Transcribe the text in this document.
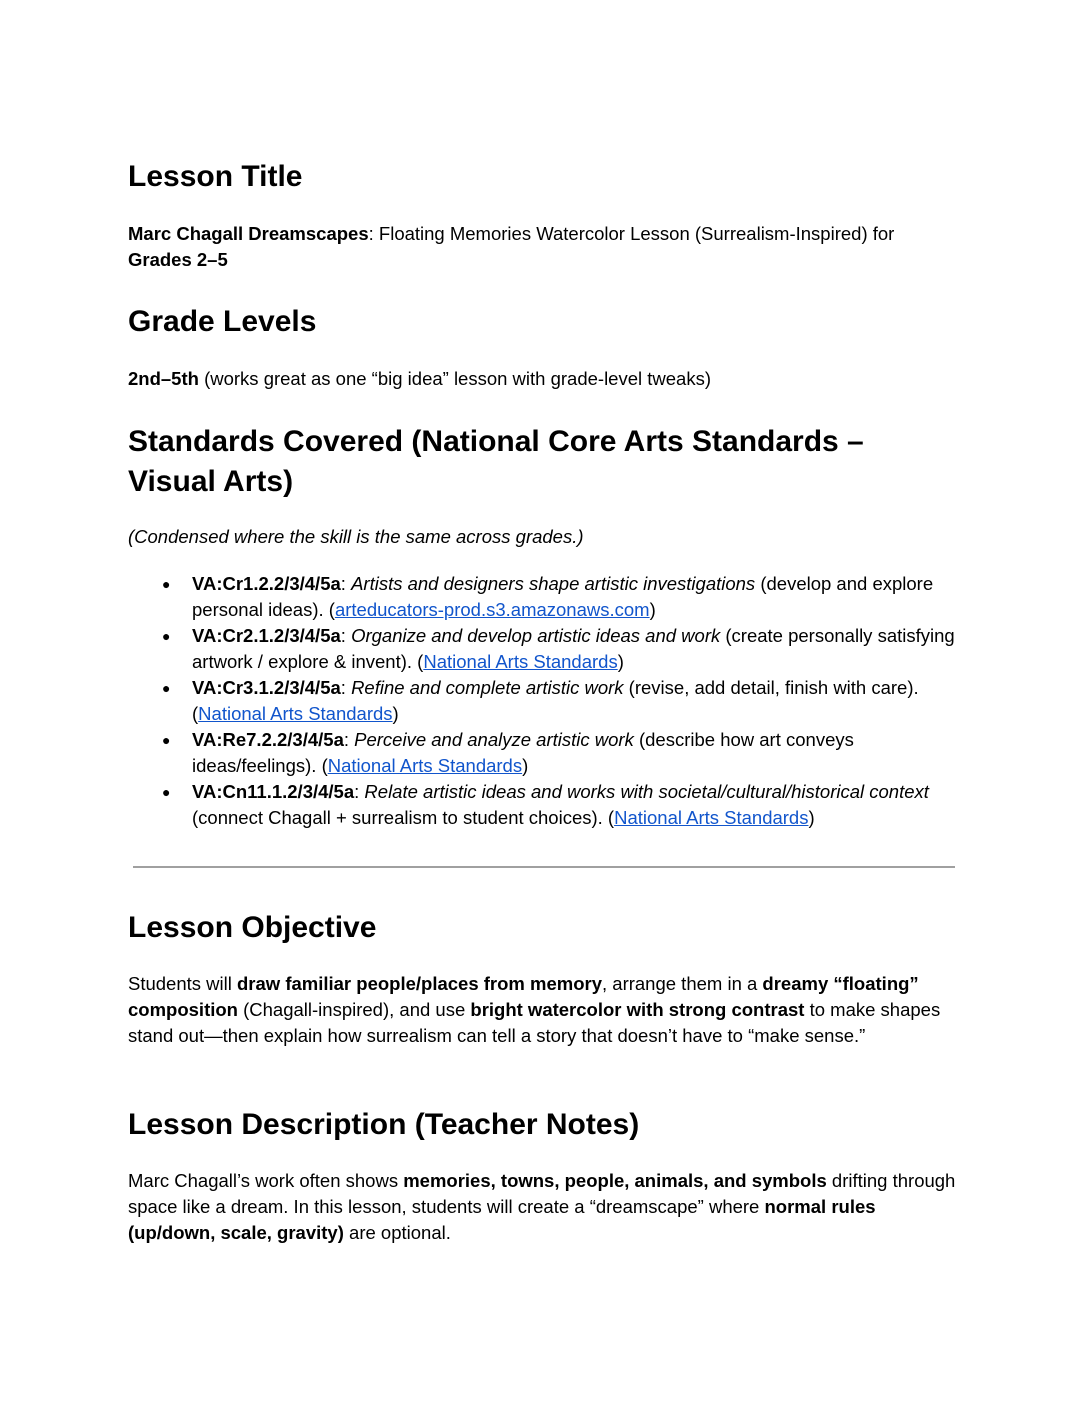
Lesson Title

Marc Chagall Dreamscapes: Floating Memories Watercolor Lesson (Surrealism-Inspired) for
Grades 2–5

Grade Levels

2nd–5th (works great as one “big idea” lesson with grade-level tweaks)

Standards Covered (National Core Arts Standards – Visual Arts)

(Condensed where the skill is the same across grades.)

● VA:Cr1.2.2/3/4/5a: Artists and designers shape artistic investigations (develop and explore personal ideas). (arteducators-prod.s3.amazonaws.com)
● VA:Cr2.1.2/3/4/5a: Organize and develop artistic ideas and work (create personally satisfying artwork / explore & invent). (National Arts Standards)
● VA:Cr3.1.2/3/4/5a: Refine and complete artistic work (revise, add detail, finish with care). (National Arts Standards)
● VA:Re7.2.2/3/4/5a: Perceive and analyze artistic work (describe how art conveys ideas/feelings). (National Arts Standards)
● VA:Cn11.1.2/3/4/5a: Relate artistic ideas and works with societal/cultural/historical context (connect Chagall + surrealism to student choices). (National Arts Standards)
Lesson Objective

Students will draw familiar people/places from memory, arrange them in a dreamy “floating” composition (Chagall-inspired), and use bright watercolor with strong contrast to make shapes stand out—then explain how surrealism can tell a story that doesn’t have to “make sense.”

Lesson Description (Teacher Notes)

Marc Chagall’s work often shows memories, towns, people, animals, and symbols drifting through space like a dream. In this lesson, students will create a “dreamscape” where normal rules (up/down, scale, gravity) are optional.
